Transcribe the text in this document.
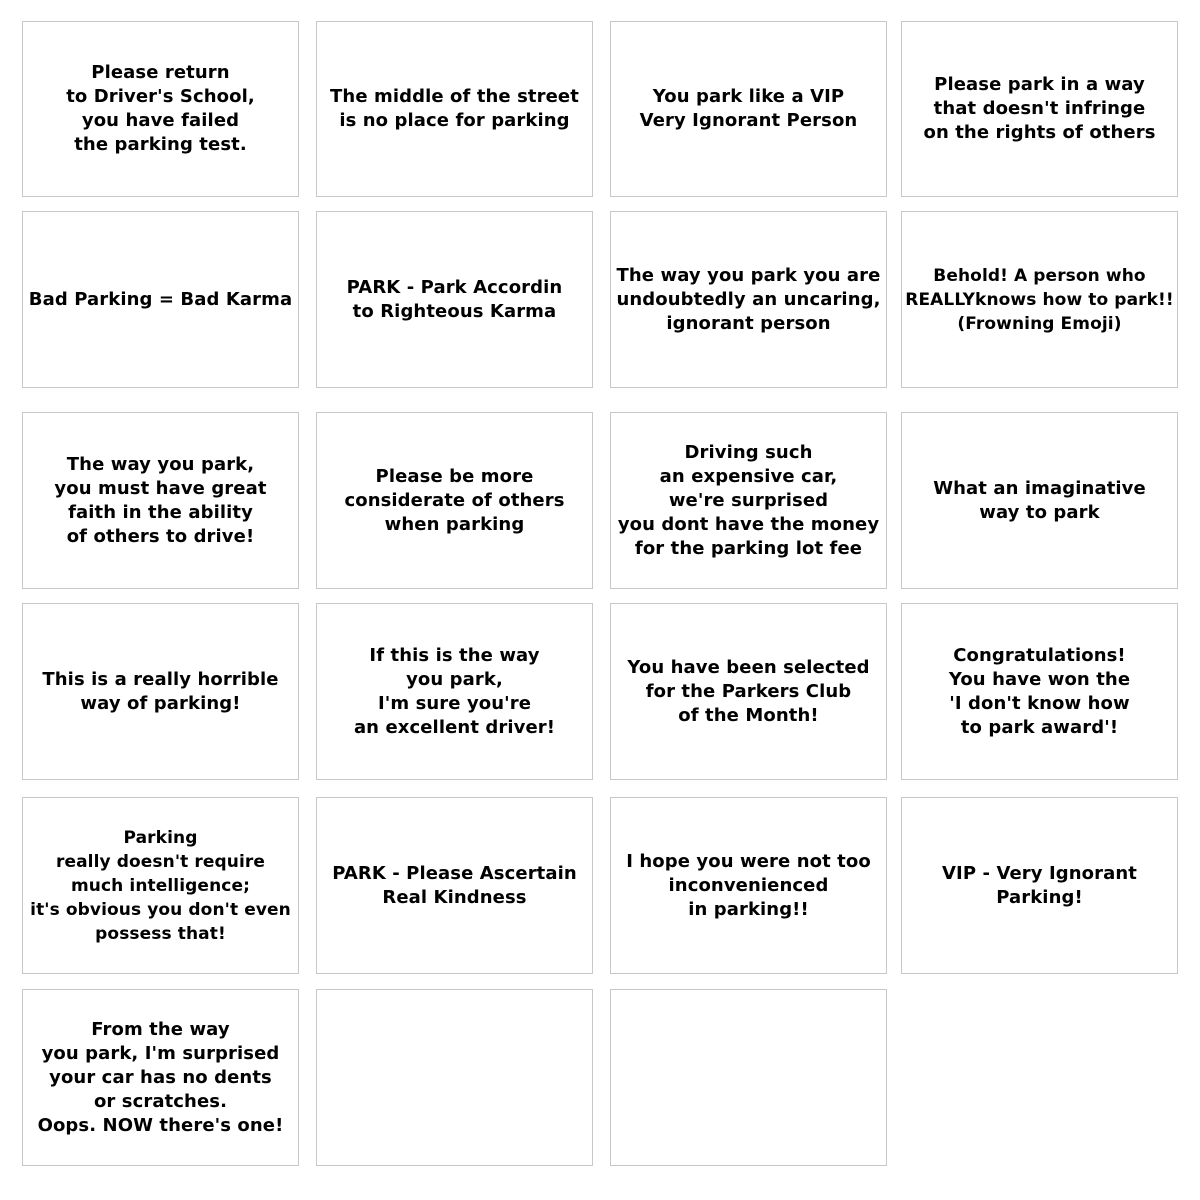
Please return
to Driver's School,
you have failed
the parking test.
The middle of the street
is no place for parking
You park like a VIP
Very Ignorant Person
Please park in a way
that doesn't infringe
on the rights of others
Bad Parking = Bad Karma
PARK - Park Accordin
to Righteous Karma
The way you park you are
undoubtedly an uncaring,
ignorant person
Behold! A person who
REALLYknows how to park!!
(Frowning Emoji)
The way you park,
you must have great
faith in the ability
of others to drive!
Please be more
considerate of others
when parking
Driving such
an expensive car,
we're surprised
you dont have the money
for the parking lot fee
What an imaginative
way to park
This is a really horrible
way of parking!
If this is the way
you park,
I'm sure you're
an excellent driver!
You have been selected
for the Parkers Club
of the Month!
Congratulations!
You have won the
'I don't know how
to park award'!
Parking
really doesn't require
much intelligence;
it's obvious you don't even
possess that!
PARK - Please Ascertain
Real Kindness
I hope you were not too
inconvenienced
in parking!!
VIP - Very Ignorant
Parking!
From the way
you park, I'm surprised
your car has no dents
or scratches.
Oops. NOW there's one!
